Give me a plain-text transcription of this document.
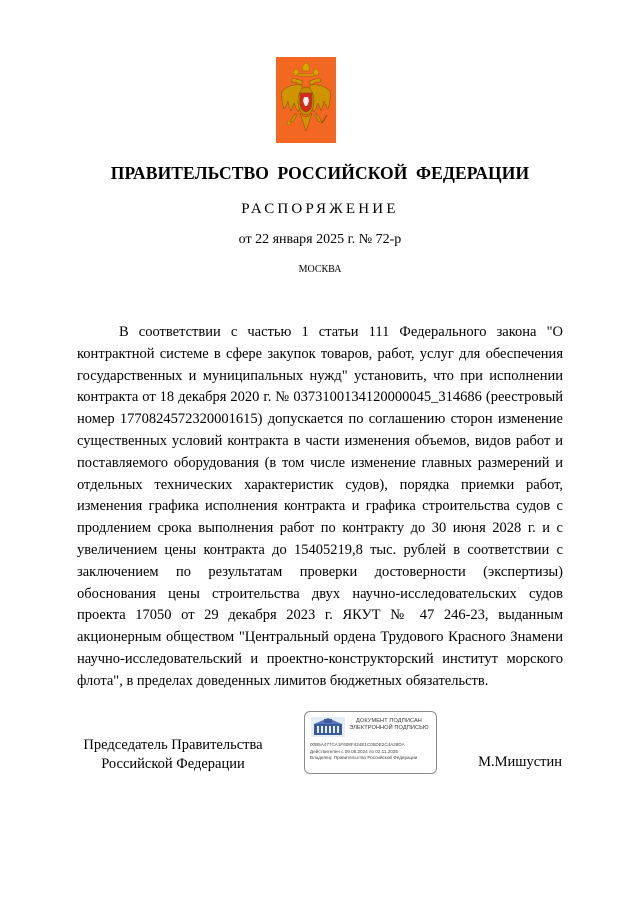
ПРАВИТЕЛЬСТВО РОССИЙСКОЙ ФЕДЕРАЦИИ
РАСПОРЯЖЕНИЕ
от 22 января 2025 г. № 72-р
МОСКВА

В соответствии с частью 1 статьи 111 Федерального закона "О контрактной системе в сфере закупок товаров, работ, услуг для обеспечения государственных и муниципальных нужд" установить, что при исполнении контракта от 18 декабря 2020 г. № 0373100134120000045_314686 (реестровый номер 1770824572320001615) допускается по соглашению сторон изменение существенных условий контракта в части изменения объемов, видов работ и поставляемого оборудования (в том числе изменение главных размерений и отдельных технических характеристик судов), порядка приемки работ, изменения графика исполнения контракта и графика строительства судов с продлением срока выполнения работ по контракту до 30 июня 2028 г. и с увеличением цены контракта до 15405219,8 тыс. рублей в соответствии с заключением по результатам проверки достоверности (экспертизы) обоснования цены строительства двух научно-исследовательских судов проекта 17050 от 29 декабря 2023 г. ЯКУТ № 47 246-23, выданным акционерным обществом "Центральный ордена Трудового Красного Знамени научно-исследовательский и проектно-конструкторский институт морского флота", в пределах доведенных лимитов бюджетных обязательств.

Председатель Правительства
Российской Федерации
ДОКУМЕНТ ПОДПИСАН
ЭЛЕКТРОННОЙ ПОДПИСЬЮ
00B5A477CA1F608F424E1C05DE2C4A28DA
Действителен с 09.08.2024 по 02.11.2025
Владелец: Правительство Российской Федерации	М.Мишустин
